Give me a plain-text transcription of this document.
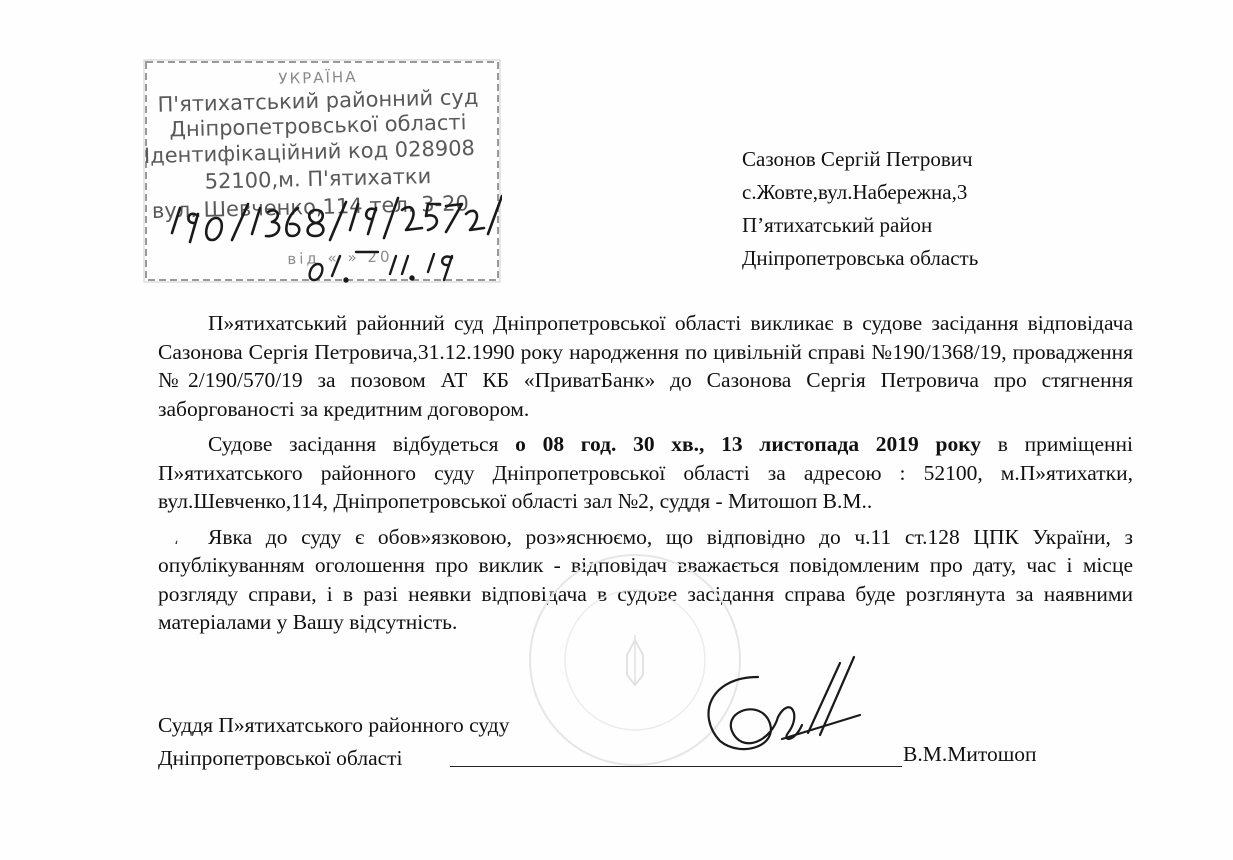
УКРАЇНА
П'ятихатський районний суд
Дніпропетровської області
Ідентифікаційний код 028908
52100,м. П'ятихатки
вул. Шевченко,114 тел. 3-20
від « » 20
Сазонов Сергій Петрович
с.Жовте,вул.Набережна,3
П’ятихатський район
Дніпропетровська область

П»ятихатський районний суд Дніпропетровської області викликає в судове засідання відповідача Сазонова Сергія Петровича,31.12.1990 року народження по цивільній справі №190/1368/19, провадження №2/190/570/19 за позовом АТ КБ «ПриватБанк» до Сазонова Сергія Петровича про стягнення заборгованості за кредитним договором.

Судове засідання відбудеться о 08 год. 30 хв., 13 листопада 2019 року в приміщенні П»ятихатського районного суду Дніпропетровської області за адресою : 52100, м.П»ятихатки, вул.Шевченко,114, Дніпропетровської області зал №2, суддя - Митошоп В.М..

،	Явка до суду є обов»язковою, роз»яснюємо, що відповідно до ч.11 ст.128 ЦПК України, з опублікуванням оголошення про виклик - відповідач вважається повідомленим про дату, час і місце розгляду справи, і в разі неявки відповідача в судове засідання справа буде розглянута за наявними матеріалами у Вашу відсутність.

Суддя П»ятихатського районного суду
Дніпропетровської області	В.М.Митошоп
